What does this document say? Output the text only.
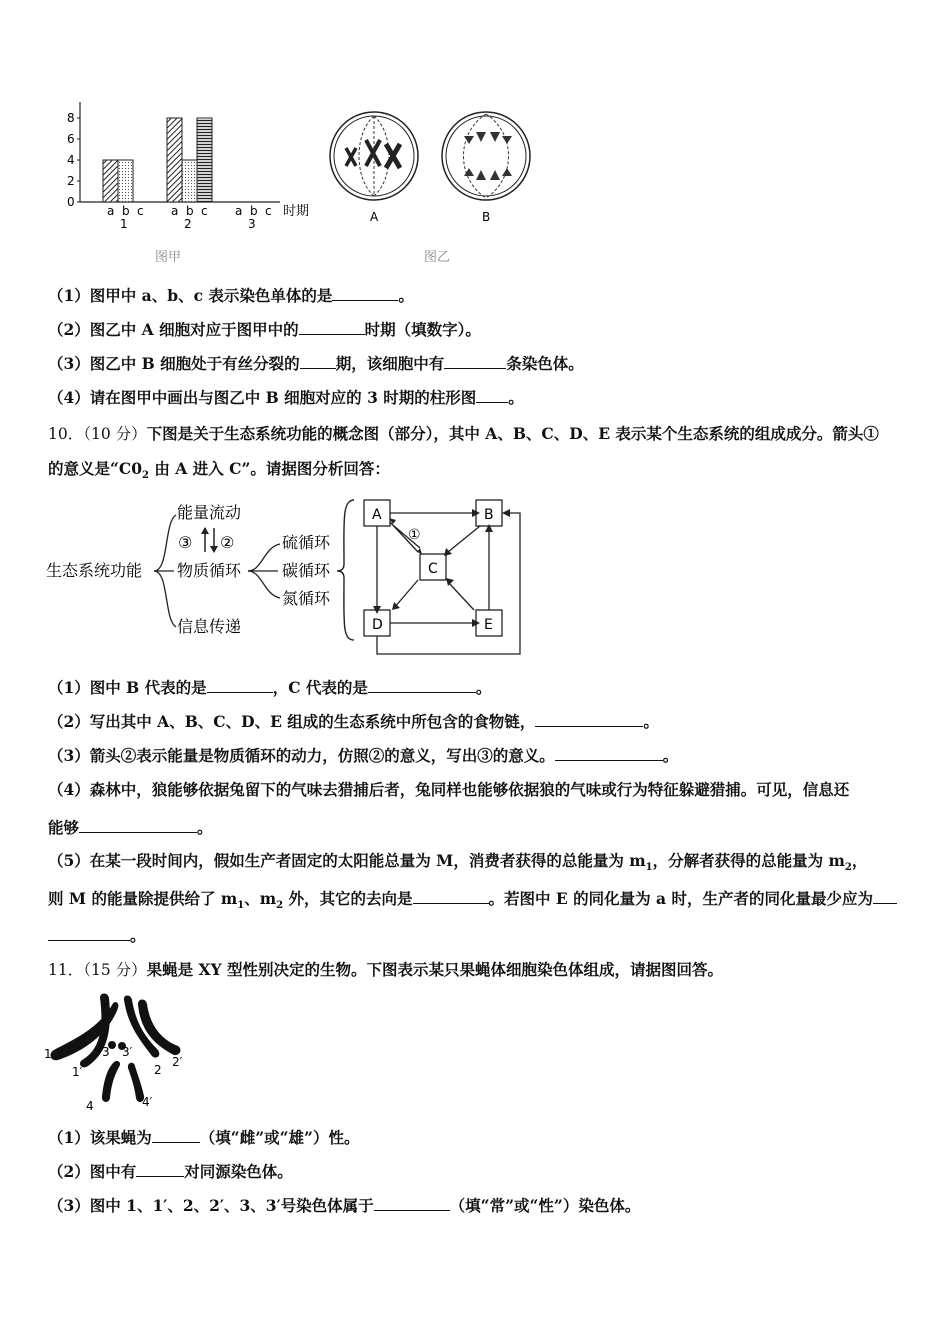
0
2
4
6
8
a b c
1
a b c
2
a b c
3
时期	A	B
图甲	图乙
（1）图甲中 a、b、c 表示染色单体的是	。
（2）图乙中 A 细胞对应于图甲中的	时期（填数字）。
（3）图乙中 B 细胞处于有丝分裂的 期，该细胞中有	条染色体。
（4）请在图甲中画出与图乙中 B 细胞对应的 3 时期的柱形图 。
10．（10 分）下图是关于生态系统功能的概念图（部分），其中 A、B、C、D、E 表示某个生态系统的组成成分。箭头①
的意义是“$C0_2$ 由 A 进入 C”。请据图分析回答：
生态系统功能
能量流动
物质循环
信息传递
③ ②	硫循环
碳循环
氮循环
A	B
C
D	E
①
（1）图中 B 代表的是	，C 代表的是	。
（2）写出其中 A、B、C、D、E 组成的生态系统中所包含的食物链，	。
（3）箭头②表示能量是物质循环的动力，仿照②的意义，写出③的意义。	。
（4）森林中，狼能够依据兔留下的气味去猎捕后者，兔同样也能够依据狼的气味或行为特征躲避猎捕。可见，信息还
能够	。
（5）在某一段时间内，假如生产者固定的太阳能总量为 M，消费者获得的总能量为 $m_1$，分解者获得的总能量为 $m_2$，
则 M 的能量除提供给了 $m_1$、$m_2$ 外，其它的去向是	。若图中 E 的同化量为 a 时，生产者的同化量最少应为
。
11．（15 分）果蝇是 XY 型性别决定的生物。下图表示某只果蝇体细胞染色体组成，请据图回答。
1
1′	2
2′
3 3′
4	4′
（1）该果蝇为	（填“雌”或“雄”）性。
（2）图中有	对同源染色体。
（3）图中 1、1′、2、2′、3、3′号染色体属于	（填“常”或“性”）染色体。
